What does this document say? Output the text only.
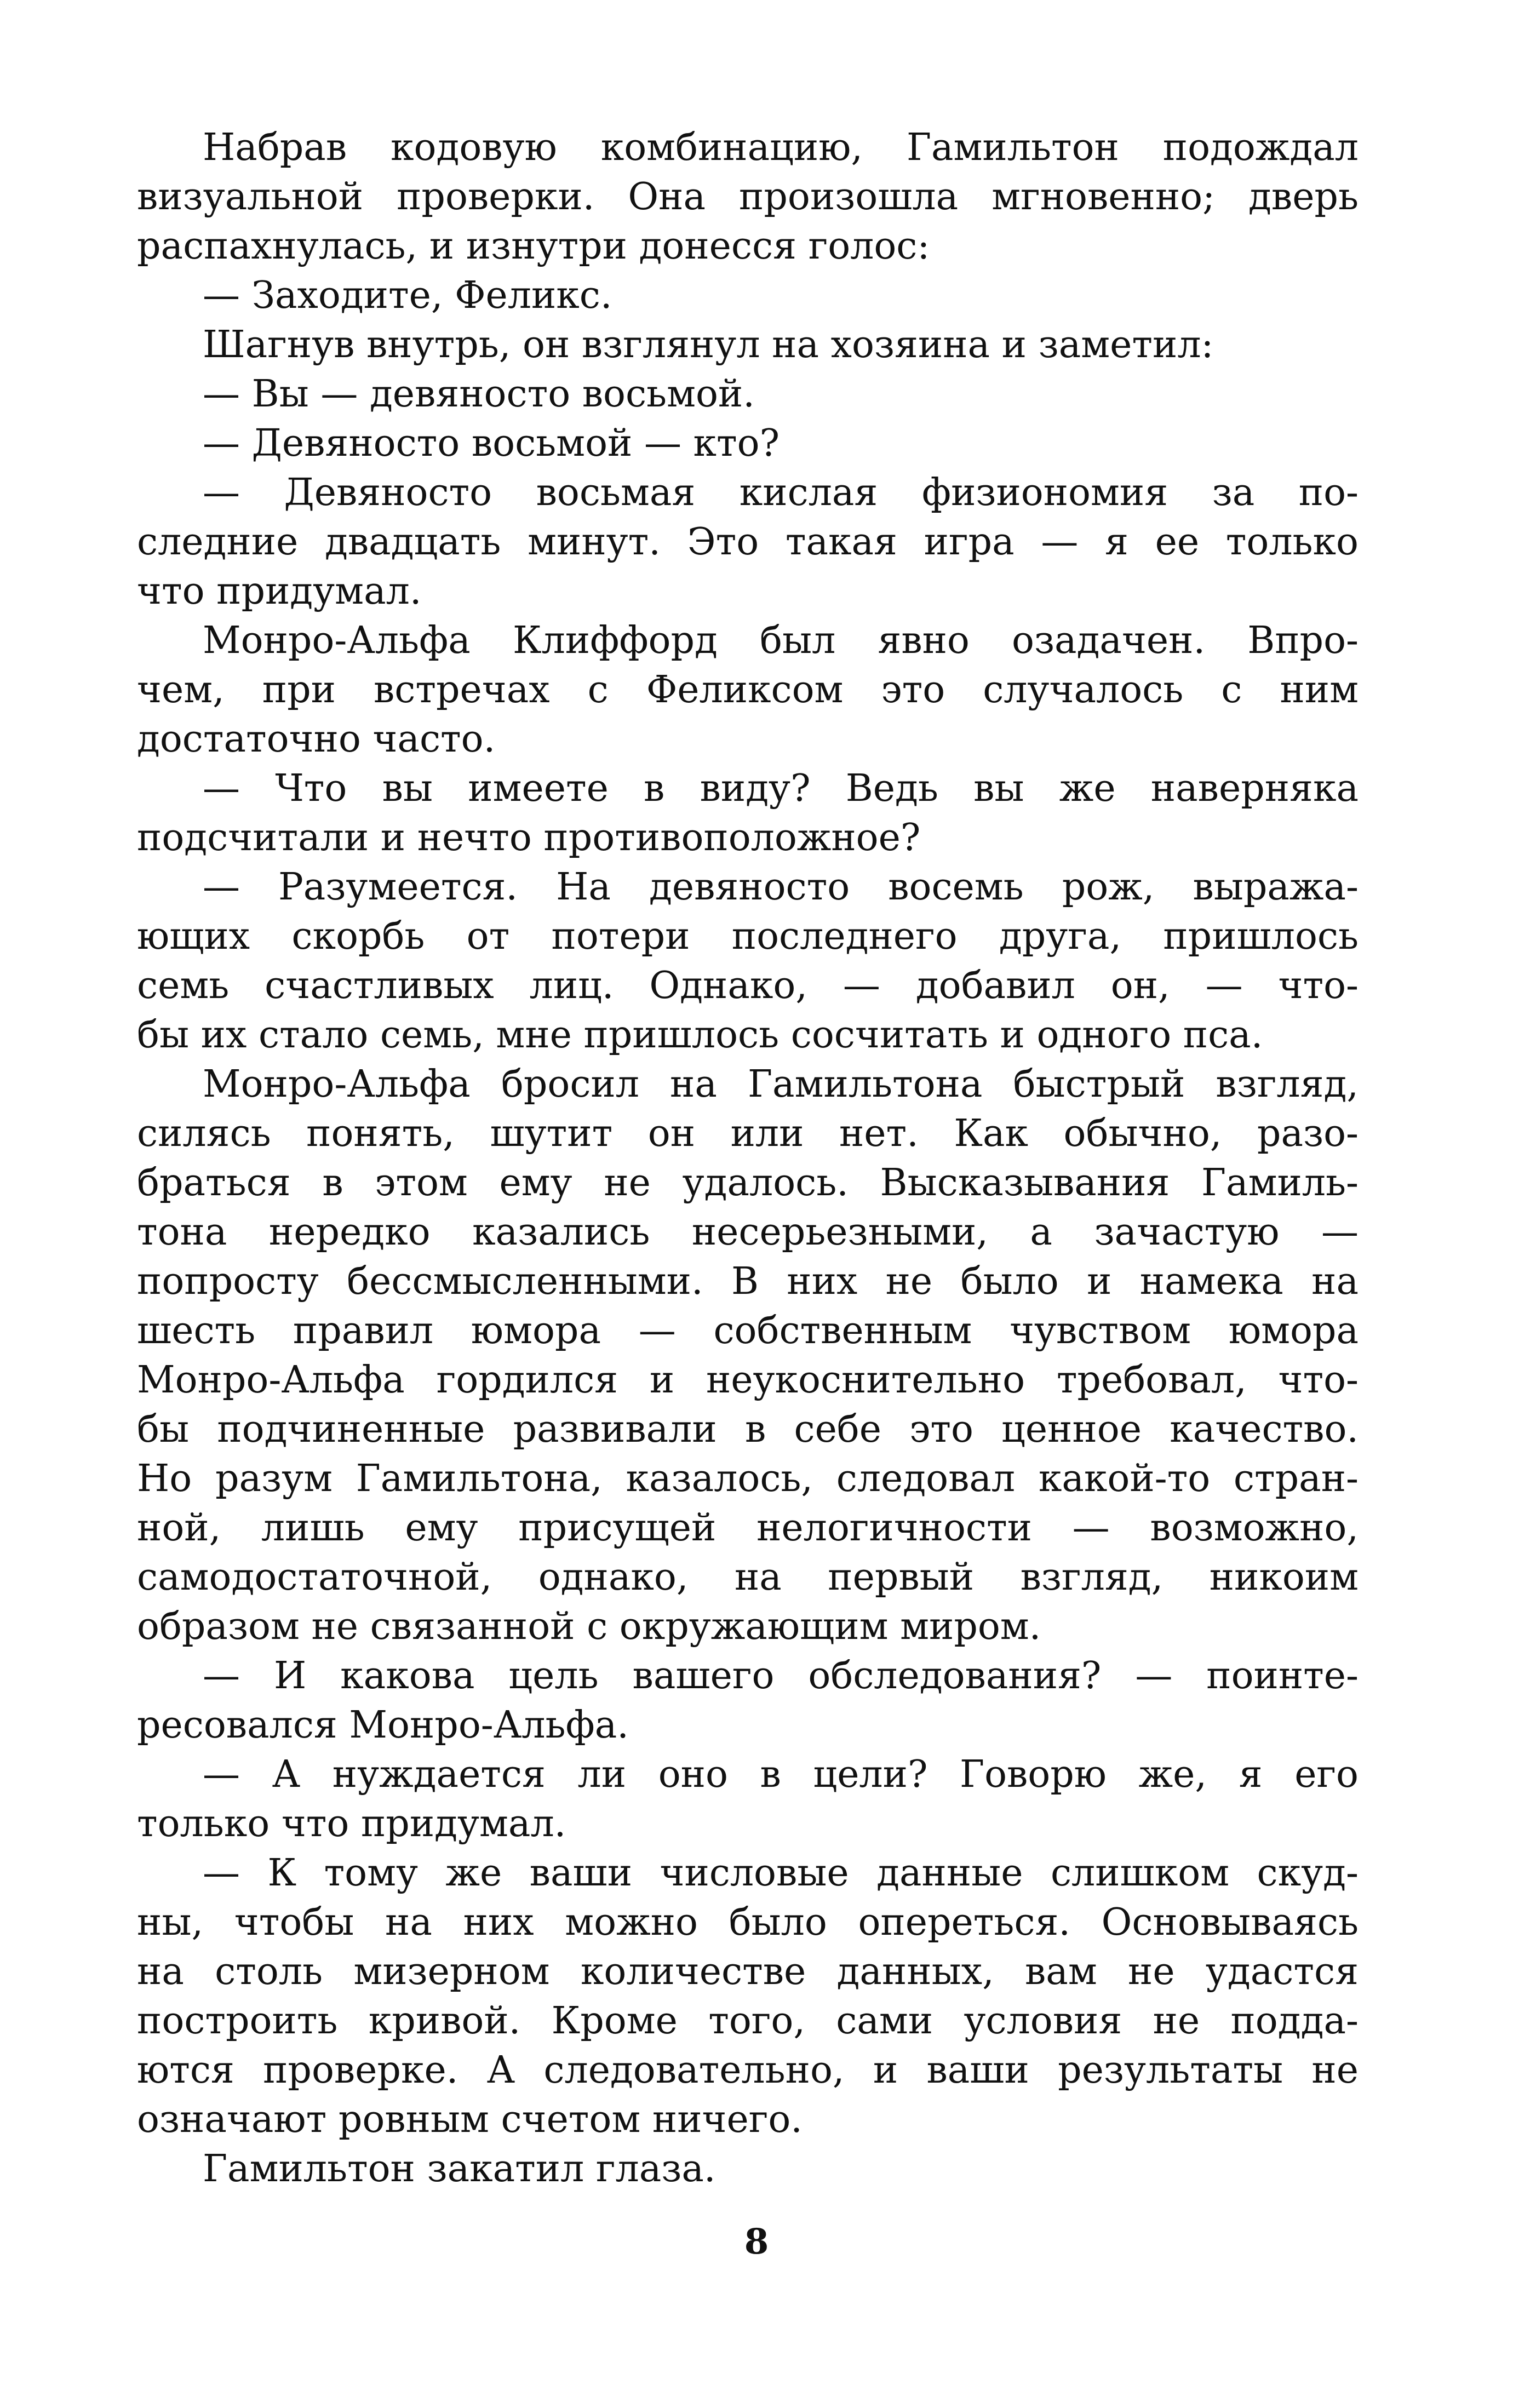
Набрав кодовую комбинацию, Гамильтон подождал
визуальной проверки. Она произошла мгновенно; дверь
распахнулась, и изнутри донесся голос:
— Заходите, Феликс.
Шагнув внутрь, он взглянул на хозяина и заметил:
— Вы — девяносто восьмой.
— Девяносто восьмой — кто?
— Девяносто восьмая кислая физиономия за по-
следние двадцать минут. Это такая игра — я ее только
что придумал.
Монро-Альфа Клиффорд был явно озадачен. Впро-
чем, при встречах с Феликсом это случалось с ним
достаточно часто.
— Что вы имеете в виду? Ведь вы же наверняка
подсчитали и нечто противоположное?
— Разумеется. На девяносто восемь рож, выража-
ющих скорбь от потери последнего друга, пришлось
семь счастливых лиц. Однако, — добавил он, — что-
бы их стало семь, мне пришлось сосчитать и одного пса.
Монро-Альфа бросил на Гамильтона быстрый взгляд,
силясь понять, шутит он или нет. Как обычно, разо-
браться в этом ему не удалось. Высказывания Гамиль-
тона нередко казались несерьезными, а зачастую —
попросту бессмысленными. В них не было и намека на
шесть правил юмора — собственным чувством юмора
Монро-Альфа гордился и неукоснительно требовал, что-
бы подчиненные развивали в себе это ценное качество.
Но разум Гамильтона, казалось, следовал какой-то стран-
ной, лишь ему присущей нелогичности — возможно,
самодостаточной, однако, на первый взгляд, никоим
образом не связанной с окружающим миром.
— И какова цель вашего обследования? — поинте-
ресовался Монро-Альфа.
— А нуждается ли оно в цели? Говорю же, я его
только что придумал.
— К тому же ваши числовые данные слишком скуд-
ны, чтобы на них можно было опереться. Основываясь
на столь мизерном количестве данных, вам не удастся
построить кривой. Кроме того, сами условия не подда-
ются проверке. А следовательно, и ваши результаты не
означают ровным счетом ничего.
Гамильтон закатил глаза.
8
